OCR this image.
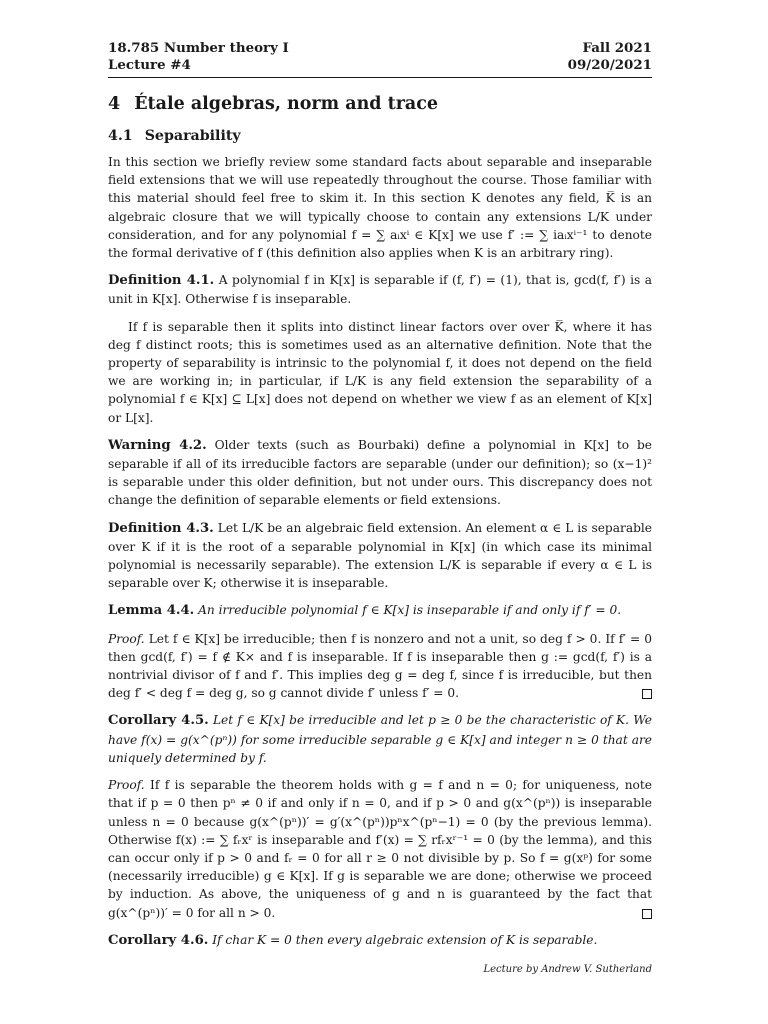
18.785 Number theory I
Lecture #4
Fall 2021
09/20/2021
4 Étale algebras, norm and trace
4.1 Separability

In this section we briefly review some standard facts about separable and inseparable field extensions that we will use repeatedly throughout the course. Those familiar with this material should feel free to skim it. In this section K denotes any field, K̅ is an algebraic closure that we will typically choose to contain any extensions L/K under consideration, and for any polynomial f = ∑ aᵢxⁱ ∈ K[x] we use f′ := ∑ iaᵢxⁱ⁻¹ to denote the formal derivative of f (this definition also applies when K is an arbitrary ring).

Definition 4.1. A polynomial f in K[x] is separable if (f, f′) = (1), that is, gcd(f, f′) is a unit in K[x]. Otherwise f is inseparable.

If f is separable then it splits into distinct linear factors over over K̅, where it has deg f distinct roots; this is sometimes used as an alternative definition. Note that the property of separability is intrinsic to the polynomial f, it does not depend on the field we are working in; in particular, if L/K is any field extension the separability of a polynomial f ∈ K[x] ⊆ L[x] does not depend on whether we view f as an element of K[x] or L[x].

Warning 4.2. Older texts (such as Bourbaki) define a polynomial in K[x] to be separable if all of its irreducible factors are separable (under our definition); so (x−1)² is separable under this older definition, but not under ours. This discrepancy does not change the definition of separable elements or field extensions.

Definition 4.3. Let L/K be an algebraic field extension. An element α ∈ L is separable over K if it is the root of a separable polynomial in K[x] (in which case its minimal polynomial is necessarily separable). The extension L/K is separable if every α ∈ L is separable over K; otherwise it is inseparable.

Lemma 4.4. An irreducible polynomial f ∈ K[x] is inseparable if and only if f′ = 0.

Proof. Let f ∈ K[x] be irreducible; then f is nonzero and not a unit, so deg f > 0. If f′ = 0 then gcd(f, f′) = f ∉ K× and f is inseparable. If f is inseparable then g := gcd(f, f′) is a nontrivial divisor of f and f′. This implies deg g = deg f, since f is irreducible, but then deg f′ < deg f = deg g, so g cannot divide f′ unless f′ = 0.

Corollary 4.5. Let f ∈ K[x] be irreducible and let p ≥ 0 be the characteristic of K. We have f(x) = g(x^(pⁿ)) for some irreducible separable g ∈ K[x] and integer n ≥ 0 that are uniquely determined by f.

Proof. If f is separable the theorem holds with g = f and n = 0; for uniqueness, note that if p = 0 then pⁿ ≠ 0 if and only if n = 0, and if p > 0 and g(x^(pⁿ)) is inseparable unless n = 0 because g(x^(pⁿ))′ = g′(x^(pⁿ))pⁿx^(pⁿ−1) = 0 (by the previous lemma). Otherwise f(x) := ∑ fᵣxʳ is inseparable and f′(x) = ∑ rfᵣxʳ⁻¹ = 0 (by the lemma), and this can occur only if p > 0 and fᵣ = 0 for all r ≥ 0 not divisible by p. So f = g(xᵖ) for some (necessarily irreducible) g ∈ K[x]. If g is separable we are done; otherwise we proceed by induction. As above, the uniqueness of g and n is guaranteed by the fact that g(x^(pⁿ))′ = 0 for all n > 0.

Corollary 4.6. If char K = 0 then every algebraic extension of K is separable.

Lecture by Andrew V. Sutherland
